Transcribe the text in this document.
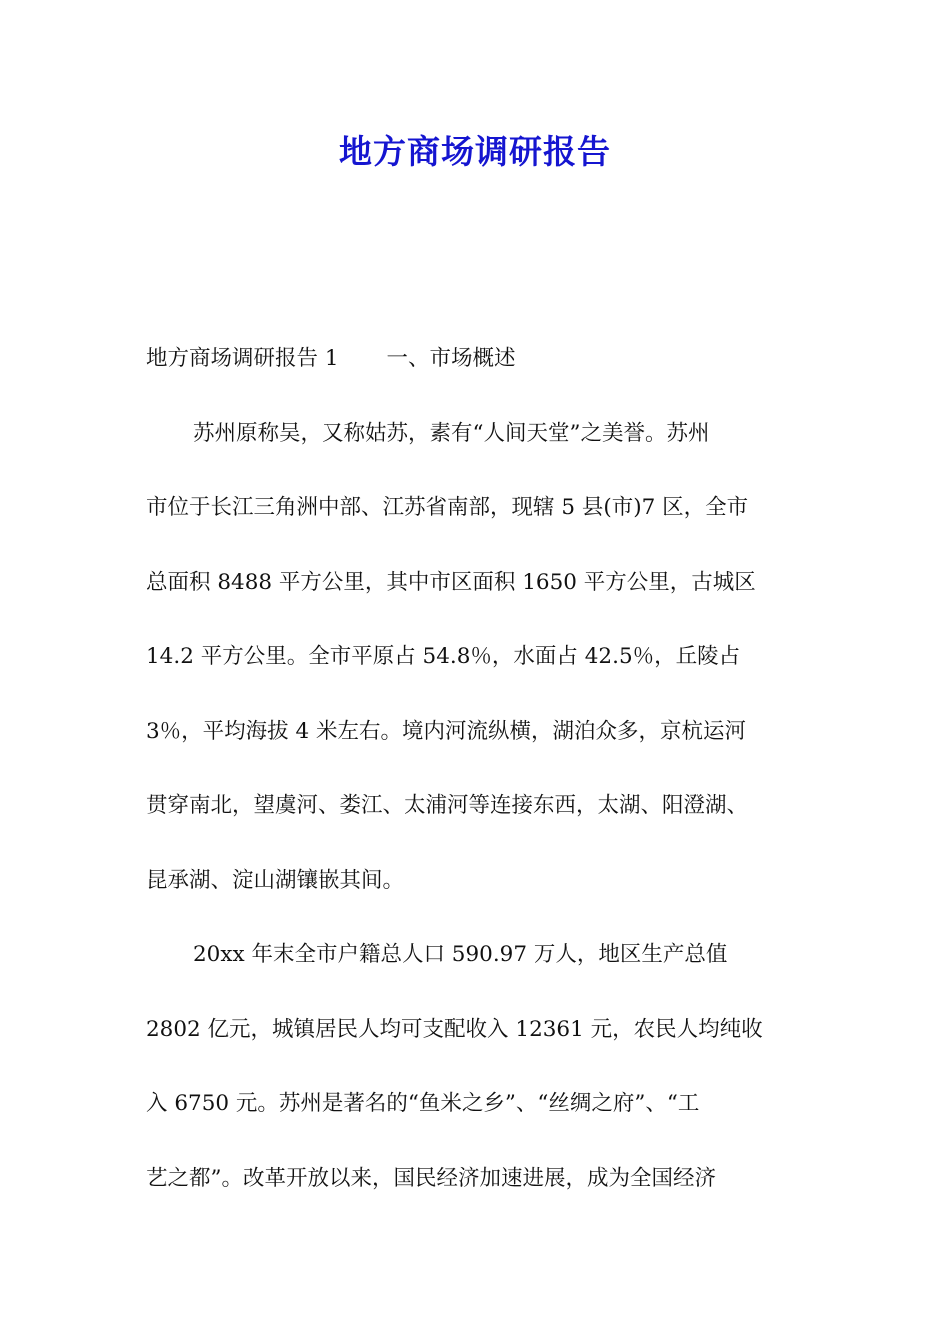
地方商场调研报告
地方商场调研报告 1 一、市场概述
苏州原称吴，又称姑苏，素有“人间天堂”之美誉。苏州
市位于长江三角洲中部、江苏省南部，现辖 5 县(市)7 区，全市
总面积 8488 平方公里，其中市区面积 1650 平方公里，古城区
14.2 平方公里。全市平原占 54.8％，水面占 42.5％，丘陵占
3％，平均海拔 4 米左右。境内河流纵横，湖泊众多，京杭运河
贯穿南北，望虞河、娄江、太浦河等连接东西，太湖、阳澄湖、
昆承湖、淀山湖镶嵌其间。
20xx 年末全市户籍总人口 590.97 万人，地区生产总值
2802 亿元，城镇居民人均可支配收入 12361 元，农民人均纯收
入 6750 元。苏州是著名的“鱼米之乡”、“丝绸之府”、“工
艺之都”。改革开放以来，国民经济加速进展，成为全国经济
